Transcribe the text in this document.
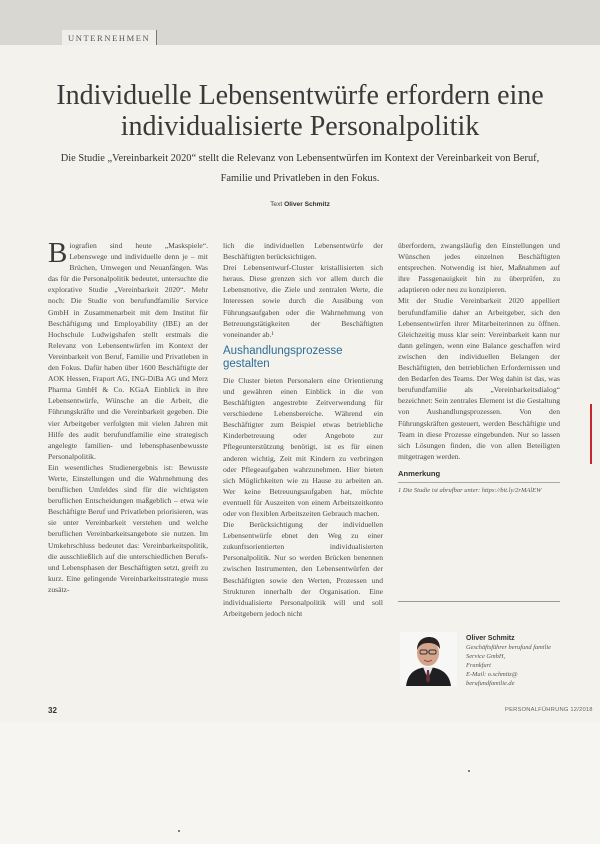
UNTERNEHMEN
Individuelle Lebensentwürfe erfordern eine individualisierte Personalpolitik

Die Studie „Vereinbarkeit 2020“ stellt die Relevanz von Lebensentwürfen im Kontext der Vereinbarkeit von Beruf, Familie und Privatleben in den Fokus.

Text Oliver Schmitz

Biografien sind heute „Maskspiele“. Lebenswege und individuelle denn je – mit Brüchen, Umwegen und Neuanfängen. Was das für die Personalpolitik bedeutet, untersuchte die explorative Studie „Vereinbarkeit 2020“. Mehr noch: Die Studie von berufundfamilie Service GmbH in Zusammenarbeit mit dem Institut für Beschäftigung und Employability (IBE) an der Hochschule Ludwigshafen stellt erstmals die Relevanz von Lebensentwürfen im Kontext der Vereinbarkeit von Beruf, Familie und Privatleben in den Fokus. Dafür haben über 1600 Beschäftigte der AOK Hessen, Fraport AG, ING-DiBa AG und Merz Pharma GmbH & Co. KGaA Einblick in ihre Lebensentwürfe, Wünsche an die Arbeit, die Führungskräfte und die Vereinbarkeit gegeben. Die vier Arbeitgeber verfolgten mit vielen Jahren mit Hilfe des audit berufundfamilie eine strategisch angelegte familien- und lebensphasenbewusste Personalpolitik.

Ein wesentliches Studienergebnis ist: Bewusste Werte, Einstellungen und die Wahrnehmung des beruflichen Umfeldes sind für die wichtigsten beruflichen Entscheidungen maßgeblich – etwa wie Beschäftigte Beruf und Privatleben priorisieren, was sie unter Vereinbarkeit verstehen und welche beruflichen Vereinbarkeitsangebote sie nutzen. Im Umkehrschluss bedeutet das: Vereinbarkeitspolitik, die ausschließlich auf die unterschiedlichen Berufs- und Lebensphasen der Beschäftigten setzt, greift zu kurz. Eine gelingende Vereinbarkeitsstrategie muss zusätz-

lich die individuellen Lebensentwürfe der Beschäftigten berücksichtigen.

Drei Lebensentwurf-Cluster kristallisierten sich heraus. Diese grenzen sich vor allem durch die Lebensmotive, die Ziele und zentralen Werte, die Interessen sowie durch die Ausübung von Führungsaufgaben oder die Wahrnehmung von Betreuungstätigkeiten der Beschäftigten voneinander ab.¹

Aushandlungsprozesse gestalten

Die Cluster bieten Personalern eine Orientierung und gewähren einen Einblick in die von Beschäftigten angestrebte Zeitverwendung für verschiedene Lebensbereiche. Während ein Beschäftigter zum Beispiel etwas betriebliche Kinderbetreuung oder Angebote zur Pflegeunterstützung benötigt, ist es für einen anderen wichtig, Zeit mit Kindern zu verbringen oder Pflegeaufgaben wahrzunehmen. Hier bieten sich Möglichkeiten wie zu Hause zu arbeiten an. Wer keine Betreuungsaufgaben hat, möchte eventuell für Auszeiten von einem Arbeitszeitkonto oder von flexiblen Arbeitszeiten Gebrauch machen.

Die Berücksichtigung der individuellen Lebensentwürfe ebnet den Weg zu einer zukunftsorientierten individualisierten Personalpolitik. Nur so werden Brücken benennen zwischen Instrumenten, den Lebensentwürfen der Beschäftigten sowie den Werten, Prozessen und Strukturen innerhalb der Organisation. Eine individualisierte Personalpolitik will und soll Arbeitgebern jedoch nicht

überfordern, zwangsläufig den Einstellungen und Wünschen jedes einzelnen Beschäftigten entsprechen. Notwendig ist hier, Maßnahmen auf ihre Passgenauigkeit hin zu überprüfen, zu adaptieren oder neu zu konzipieren.

Mit der Studie Vereinbarkeit 2020 appelliert berufundfamilie daher an Arbeitgeber, sich den Lebensentwürfen ihrer Mitarbeiterinnen zu öffnen. Gleichzeitig muss klar sein: Vereinbarkeit kann nur dann gelingen, wenn eine Balance geschaffen wird zwischen den individuellen Belangen der Beschäftigten, den betrieblichen Erfordernissen und den Bedarfen des Teams. Der Weg dahin ist das, was berufundfamilie als „Vereinbarkeitsdialog“ bezeichnet: Sein zentrales Element ist die Gestaltung von Aushandlungsprozessen. Von den Führungskräften gesteuert, werden Beschäftigte und Team in diese Prozesse eingebunden. Nur so lassen sich Lösungen finden, die von allen Beteiligten mitgetragen werden.

Anmerkung
1 Die Studie ist abrufbar unter: https://bit.ly/2rMAlEW
Oliver Schmitz
Geschäftsführer berufund familie Service GmbH,
Frankfurt
E-Mail: o.schmitz@
berufundfamilie.de
32	PERSONALFÜHRUNG 12/2018
